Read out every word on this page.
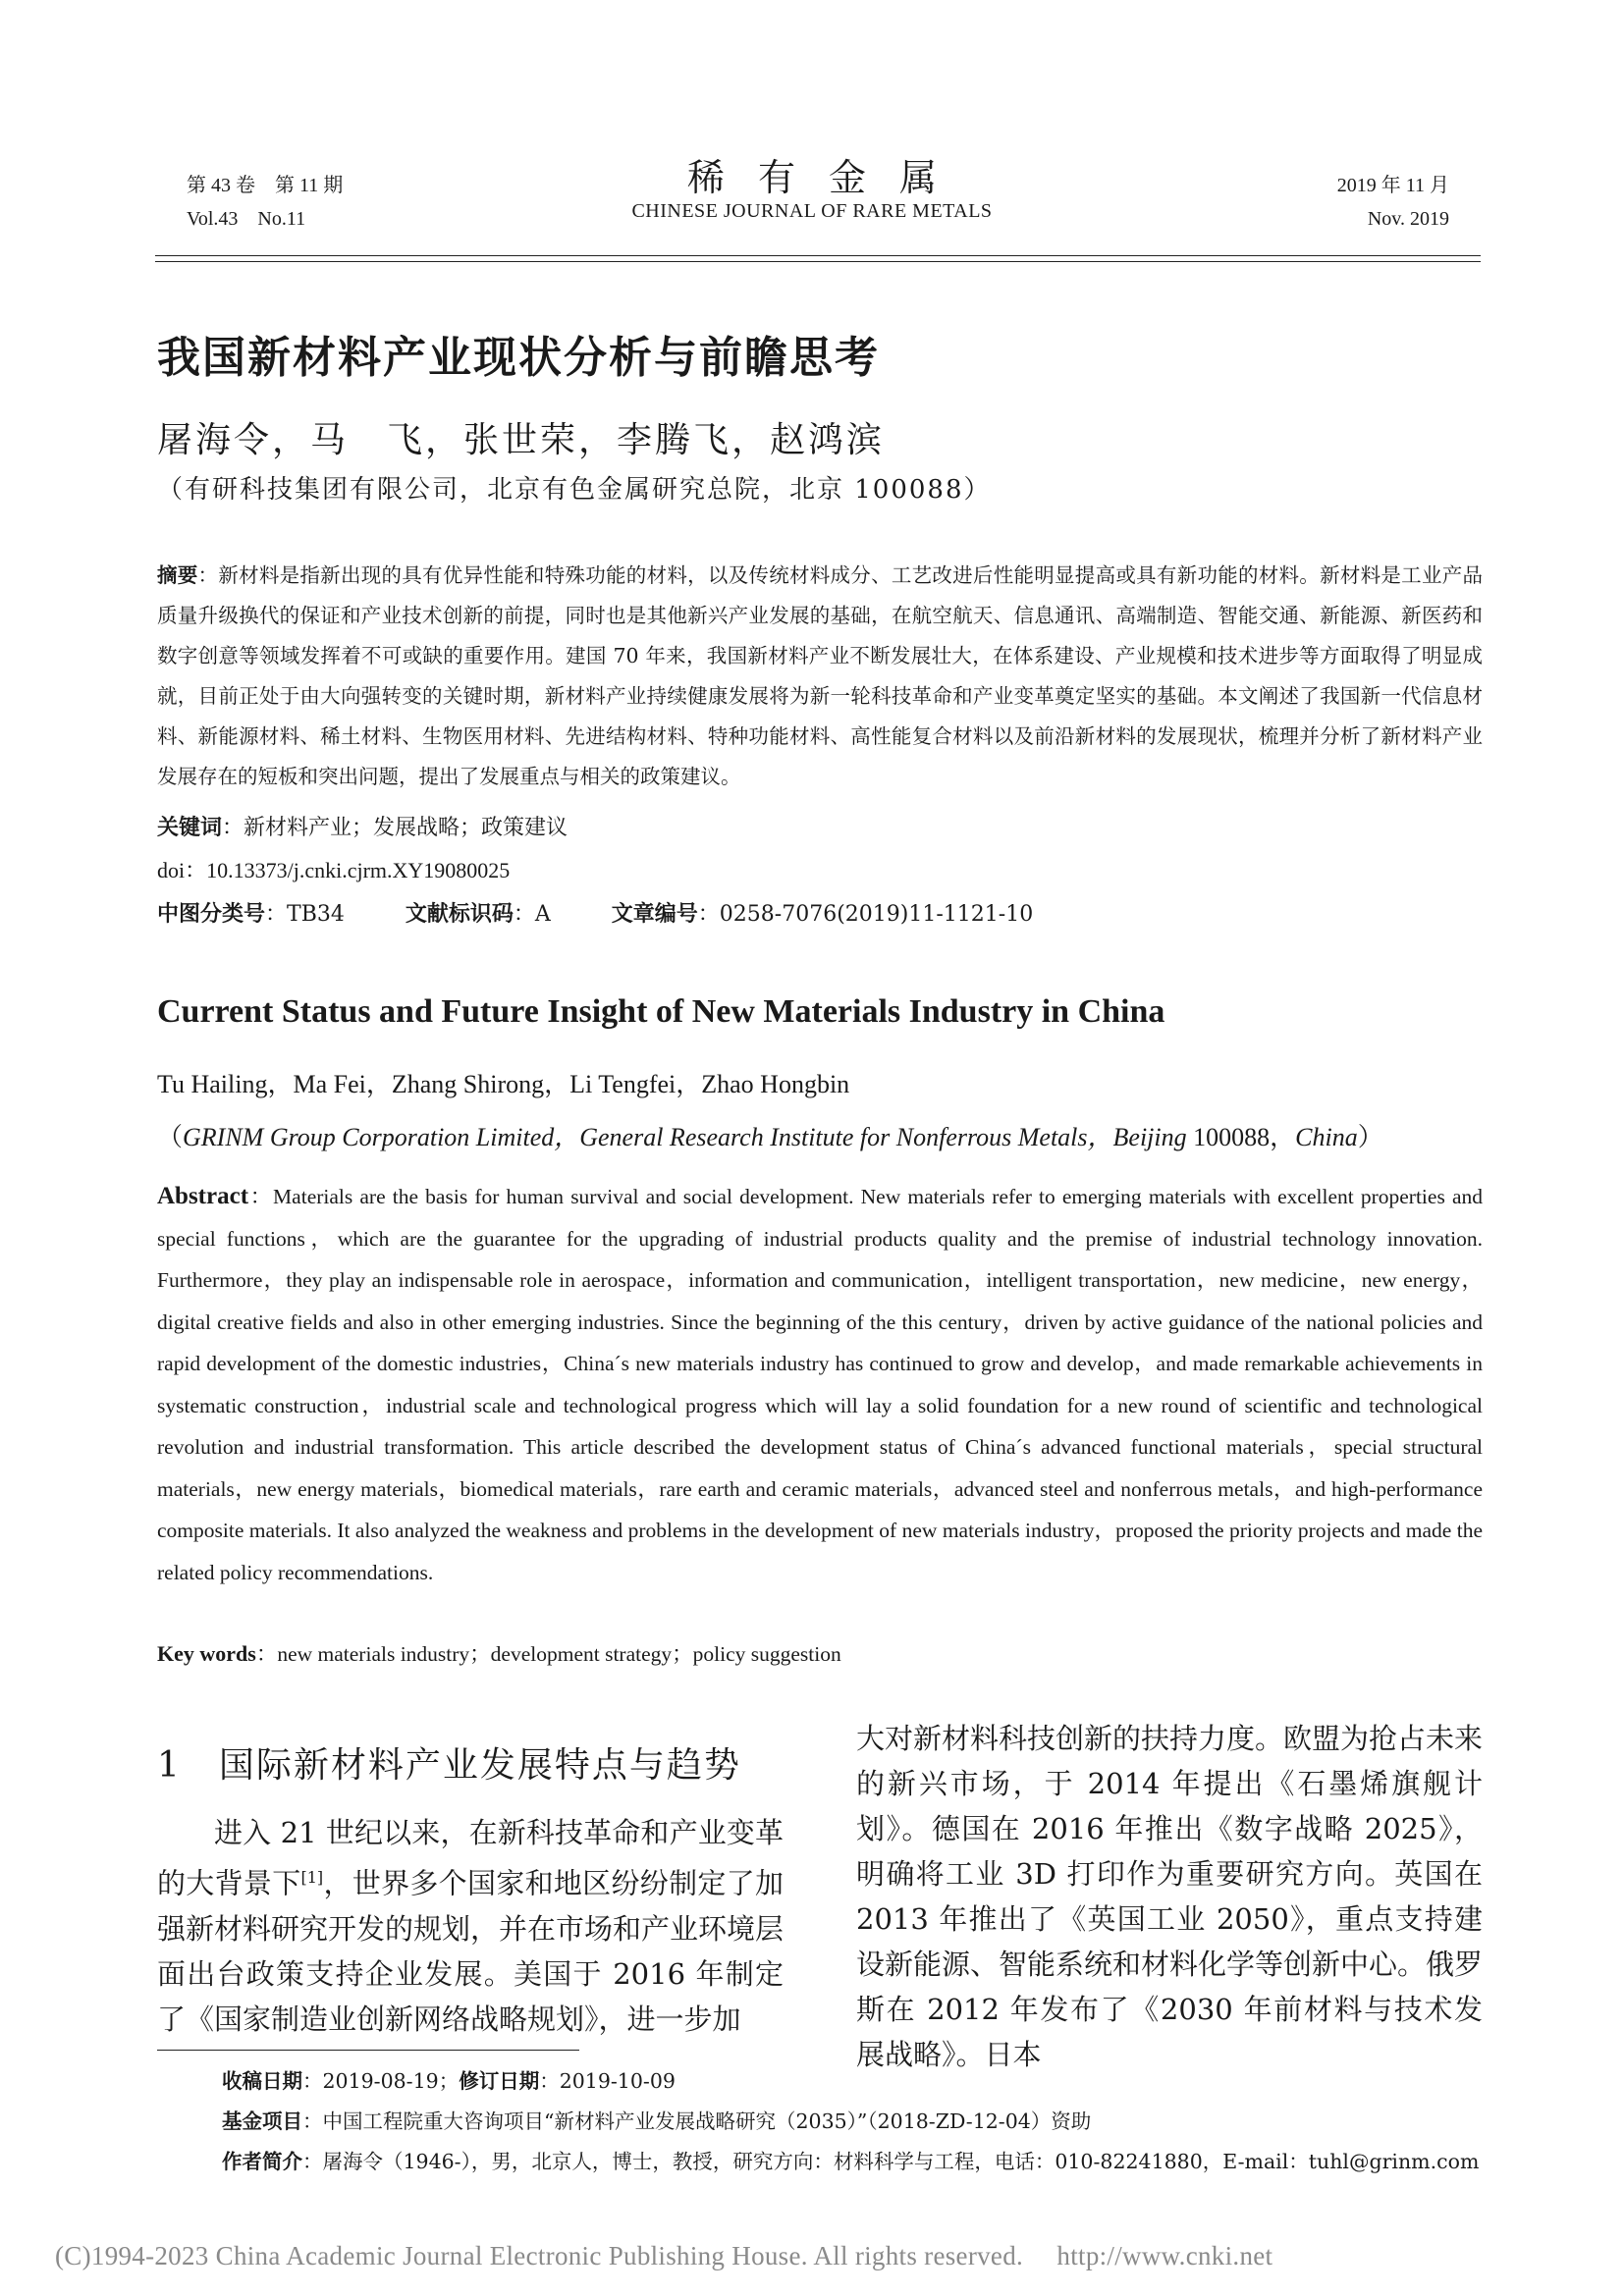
第 43 卷　第 11 期
Vol.43　No.11
稀有金属
CHINESE JOURNAL OF RARE METALS
2019 年 11 月
Nov. 2019
我国新材料产业现状分析与前瞻思考
屠海令，马　飞，张世荣，李腾飞，赵鸿滨
（有研科技集团有限公司，北京有色金属研究总院，北京 100088）
摘要：新材料是指新出现的具有优异性能和特殊功能的材料，以及传统材料成分、工艺改进后性能明显提高或具有新功能的材料。新材料是工业产品质量升级换代的保证和产业技术创新的前提，同时也是其他新兴产业发展的基础，在航空航天、信息通讯、高端制造、智能交通、新能源、新医药和数字创意等领域发挥着不可或缺的重要作用。建国 70 年来，我国新材料产业不断发展壮大，在体系建设、产业规模和技术进步等方面取得了明显成就，目前正处于由大向强转变的关键时期，新材料产业持续健康发展将为新一轮科技革命和产业变革奠定坚实的基础。本文阐述了我国新一代信息材料、新能源材料、稀土材料、生物医用材料、先进结构材料、特种功能材料、高性能复合材料以及前沿新材料的发展现状，梳理并分析了新材料产业发展存在的短板和突出问题，提出了发展重点与相关的政策建议。
关键词：新材料产业；发展战略；政策建议
doi：10.13373/j.cnki.cjrm.XY19080025
中图分类号：TB34	文献标识码：A	文章编号：0258-7076(2019)11-1121-10
Current Status and Future Insight of New Materials Industry in China
Tu Hailing，Ma Fei，Zhang Shirong，Li Tengfei，Zhao Hongbin
（GRINM Group Corporation Limited，General Research Institute for Nonferrous Metals，Beijing 100088，China）
Abstract：Materials are the basis for human survival and social development. New materials refer to emerging materials with excellent properties and special functions，which are the guarantee for the upgrading of industrial products quality and the premise of industrial technology innovation. Furthermore，they play an indispensable role in aerospace，information and communication，intelligent transportation，new medicine，new energy，digital creative fields and also in other emerging industries. Since the beginning of the this century，driven by active guidance of the national policies and rapid development of the domestic industries，China´s new materials industry has continued to grow and develop，and made remarkable achievements in systematic construction，industrial scale and technological progress which will lay a solid foundation for a new round of scientific and technological revolution and industrial transformation. This article described the development status of China´s advanced functional materials，special structural materials，new energy materials，biomedical materials，rare earth and ceramic materials，advanced steel and nonferrous metals，and high-performance composite materials. It also analyzed the weakness and problems in the development of new materials industry，proposed the priority projects and made the related policy recommendations.
Key words：new materials industry；development strategy；policy suggestion
1　国际新材料产业发展特点与趋势
进入 21 世纪以来，在新科技革命和产业变革的大背景下[1]，世界多个国家和地区纷纷制定了加强新材料研究开发的规划，并在市场和产业环境层面出台政策支持企业发展。美国于 2016 年制定了《国家制造业创新网络战略规划》，进一步加
大对新材料科技创新的扶持力度。欧盟为抢占未来的新兴市场，于 2014 年提出《石墨烯旗舰计划》。德国在 2016 年推出《数字战略 2025》，明确将工业 3D 打印作为重要研究方向。英国在 2013 年推出了《英国工业 2050》，重点支持建设新能源、智能系统和材料化学等创新中心。俄罗斯在 2012 年发布了《2030 年前材料与技术发展战略》。日本
收稿日期：2019-08-19；修订日期：2019-10-09
基金项目：中国工程院重大咨询项目“新材料产业发展战略研究（2035）”（2018-ZD-12-04）资助
作者简介：屠海令（1946-），男，北京人，博士，教授，研究方向：材料科学与工程，电话：010-82241880，E-mail：tuhl@grinm.com
(C)1994-2023 China Academic Journal Electronic Publishing House. All rights reserved.　 http://www.cnki.net
